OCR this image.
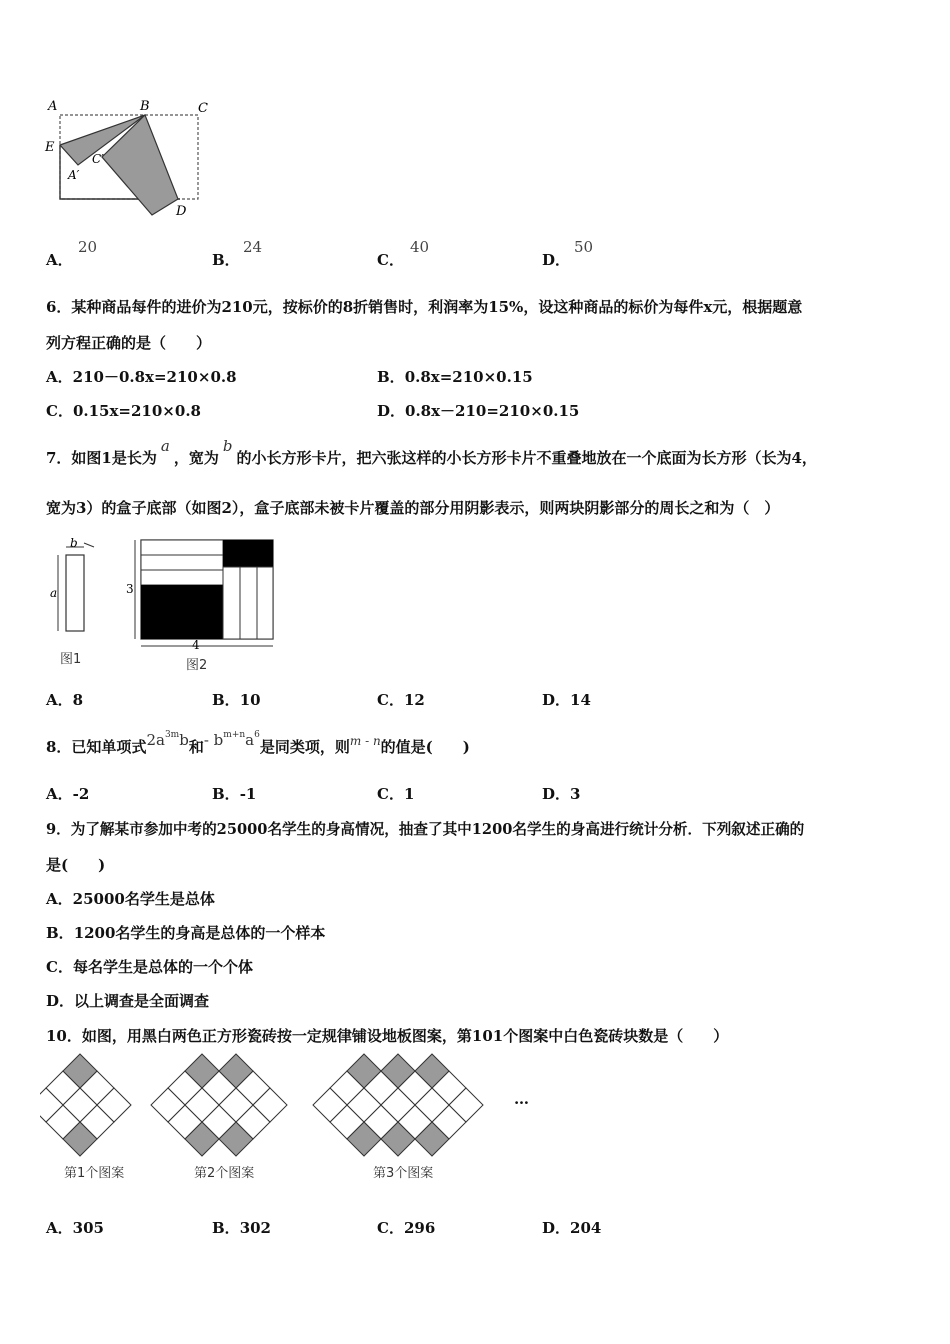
A	B	C
E
A′
C′
D
A．
20
B．
24
C．
40
D．
50
6．某种商品每件的进价为210元，按标价的8折销售时，利润率为15%，设这种商品的标价为每件x元，根据题意
列方程正确的是（　　）
A．210－0.8x=210×0.8	B．0.8x=210×0.15
C．0.15x=210×0.8	D．0.8x－210=210×0.15
7．如图1是长为a，宽为b的小长方形卡片，把六张这样的小长方形卡片不重叠地放在一个底面为长方形（长为4，
宽为3）的盒子底部（如图2），盒子底部未被卡片覆盖的部分用阴影表示，则两块阴影部分的周长之和为（　）
a
b
3
4
图1	图2
A．8	B．10	C．12	D．14
8．已知单项式$2a^{3m}b$和- $b^{m+n}a^6$是同类项，则$^{m - n}$的值是(　　)
A．-2	B．-1	C．1	D．3
9．为了解某市参加中考的25000名学生的身高情况，抽查了其中1200名学生的身高进行统计分析．下列叙述正确的
是(　　)
A．25000名学生是总体
B．1200名学生的身高是总体的一个样本
C．每名学生是总体的一个个体
D．以上调查是全面调查
10．如图，用黑白两色正方形瓷砖按一定规律铺设地板图案，第101个图案中白色瓷砖块数是（　　）
第1个图案	第2个图案	第3个图案
…
A．305	B．302	C．296	D．204
